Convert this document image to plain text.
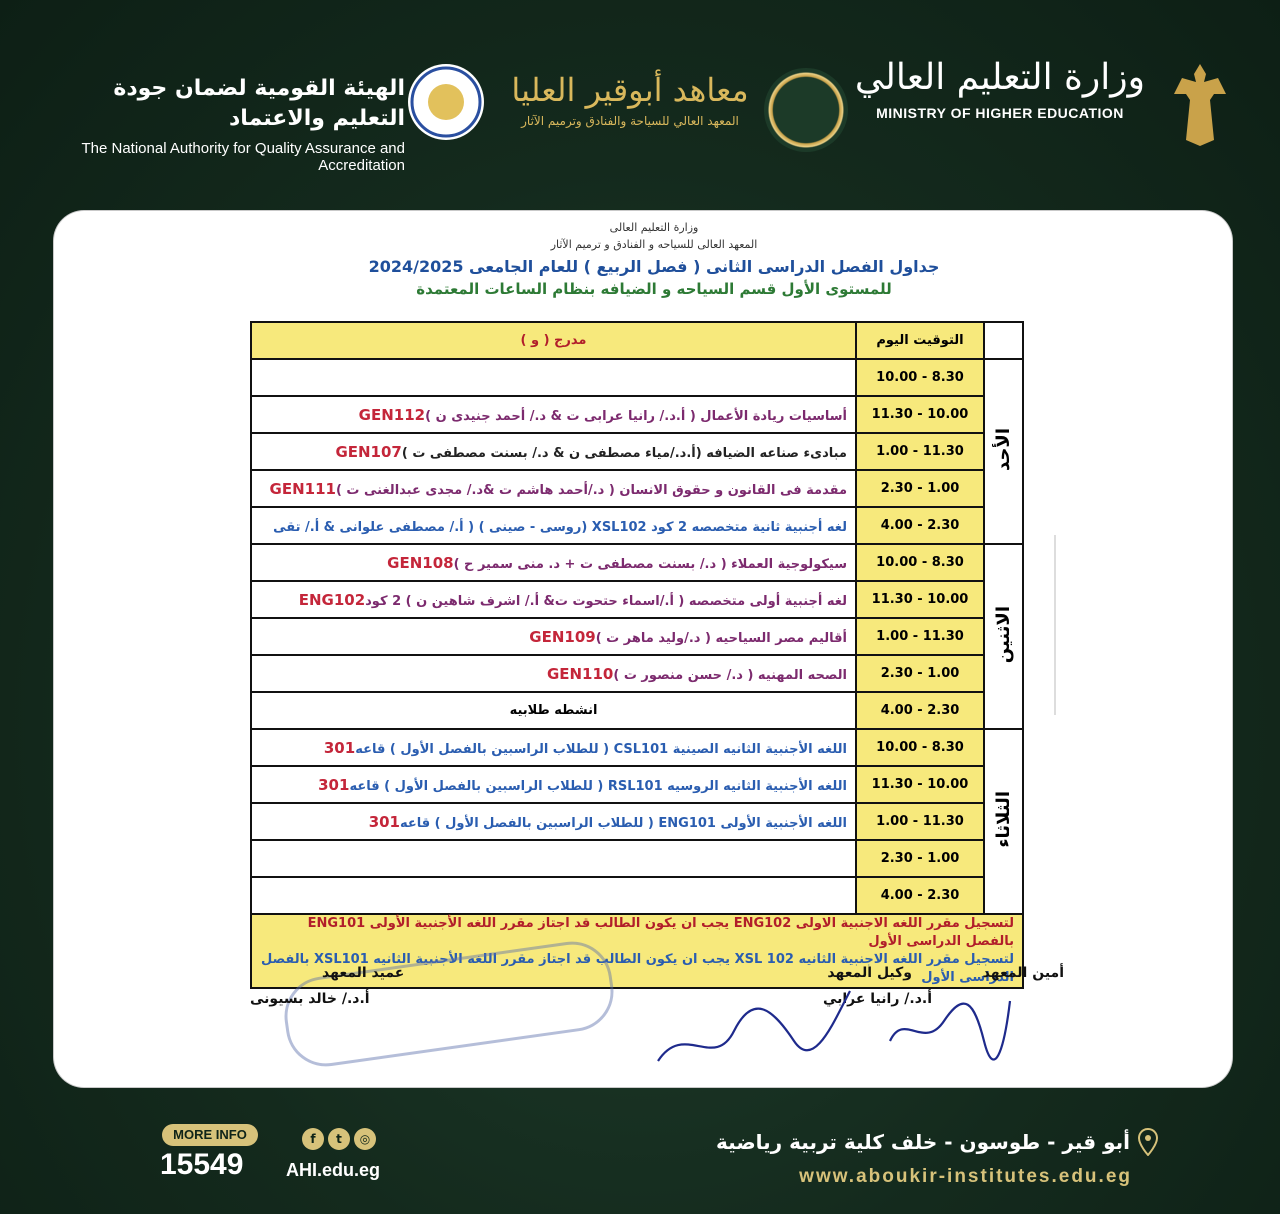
وزارة التعليم العالي
MINISTRY OF HIGHER EDUCATION
معاهد أبوقير العليا
المعهد العالي للسياحة والفنادق وترميم الآثار
الهيئة القومية لضمان جودة التعليم والاعتماد
The National Authority for Quality Assurance and Accreditation
وزارة التعليم العالى
المعهد العالى للسياحه و الفنادق و ترميم الآثار
جداول الفصل الدراسى الثانى ( فصل الربيع ) للعام الجامعى 2024/2025
للمستوى الأول قسم السياحه و الضيافه بنظام الساعات المعتمدة
	التوقيت اليوم	مدرج ( و )
الأحد	10.00 - 8.30	
	11.30 - 10.00	أساسيات ريادة الأعمال ( أ.د./ رانيا عرابى ت & د./ أحمد جنيدى ن )GEN112
	1.00 - 11.30	مبادىء صناعه الضيافه (أ.د./مياء مصطفى ن & د./ بسنت مصطفى ت )GEN107
	2.30 - 1.00	مقدمة فى القانون و حقوق الانسان ( د./أحمد هاشم ت &د./ مجدى عبدالغنى ت )GEN111
	4.00 - 2.30	لغه أجنبية ثانية متخصصه 2 كود XSL102 (روسى - صينى ) ( أ./ مصطفى علوانى & أ./ تقى
الاثنين	10.00 - 8.30	سيكولوجية العملاء ( د./ بسنت مصطفى ت + د. منى سمير ح )GEN108
	11.30 - 10.00	لغه أجنبية أولى متخصصه ( أ./اسماء حتحوت ت& أ./ اشرف شاهين ن ) 2 كودENG102
	1.00 - 11.30	أقاليم مصر السياحيه ( د./وليد ماهر ت )GEN109
	2.30 - 1.00	الصحه المهنيه ( د./ حسن منصور ت )GEN110
	4.00 - 2.30	انشطه طلابيه
الثلاثاء	10.00 - 8.30	اللغه الأجنبية الثانيه الصينية CSL101 ( للطلاب الراسبين بالفصل الأول ) قاعه301
	11.30 - 10.00	اللغه الأجنبية الثانيه الروسيه RSL101 ( للطلاب الراسبين بالفصل الأول ) قاعه301
	1.00 - 11.30	اللغه الأجنبية الأولى ENG101 ( للطلاب الراسبين بالفصل الأول ) قاعه301
	2.30 - 1.00	
	4.00 - 2.30	

لتسجيل مقرر اللغه الاجنبية الاولى ENG102 يجب ان يكون الطالب قد اجتاز مقرر اللغه الأجنبية الأولى ENG101 بالفصل الدراسى الأول
لتسجيل مقرر اللغه الاجنبية الثانيه XSL 102 يجب ان يكون الطالب قد اجتاز مقرر اللغه الأجنبية الثانيه XSL101 بالفصل الدراسى الأول		
أمين المعهد
وكيل المعهد
أ.د./ رانيا عرابي
عميد المعهد
أ.د./ خالد بسيونى
MORE INFO
15549
f	t	◎
AHI.edu.eg
أبو قير - طوسون - خلف كلية تربية رياضية
www.aboukir-institutes.edu.eg
